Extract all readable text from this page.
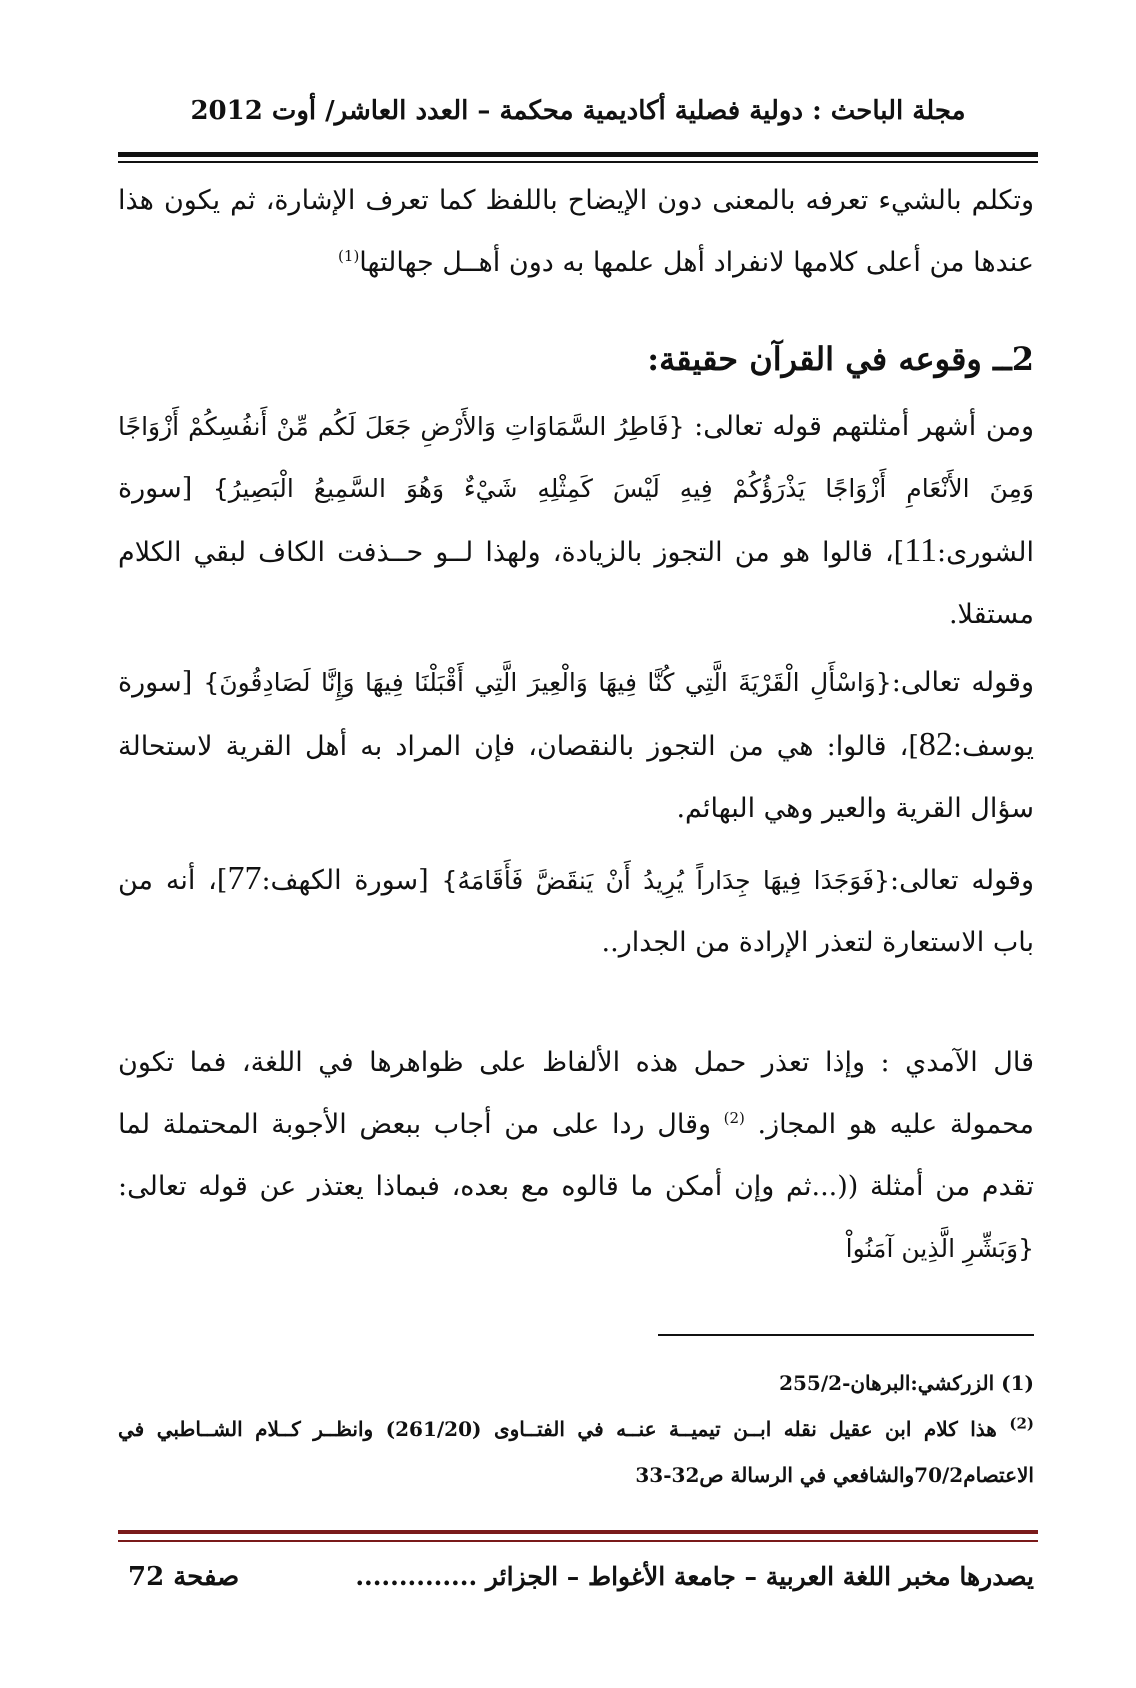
مجلة الباحث : دولية فصلية أكاديمية محكمة – العدد العاشر/ أوت 2012

وتكلم بالشيء تعرفه بالمعنى دون الإيضاح باللفظ كما تعرف الإشارة، ثم يكون هذا

عندها من أعلى كلامها لانفراد أهل علمها به دون أهــل جهالتها$^{(1)}$

2ــ وقوعه في القرآن حقيقة:

ومن أشهر أمثلتهم قوله تعالى: {فَاطِرُ السَّمَاوَاتِ وَالأَرْضِ جَعَلَ لَكُم مِّنْ أَنفُسِكُمْ أَزْوَاجًا وَمِنَ الأَنْعَامِ أَزْوَاجًا يَذْرَؤُكُمْ فِيهِ لَيْسَ كَمِثْلِهِ شَيْءٌ وَهُوَ السَّمِيعُ الْبَصِيرُ} [سورة الشورى:11]، قالوا هو من التجوز بالزيادة، ولهذا لــو حــذفت الكاف لبقي الكلام مستقلا.

وقوله تعالى:{وَاسْأَلِ الْقَرْيَةَ الَّتِي كُنَّا فِيهَا وَالْعِيرَ الَّتِي أَقْبَلْنَا فِيهَا وَإِنَّا لَصَادِقُونَ} [سورة يوسف:82]، قالوا: هي من التجوز بالنقصان، فإن المراد به أهل القرية لاستحالة سؤال القرية والعير وهي البهائم.

وقوله تعالى:{فَوَجَدَا فِيهَا جِدَاراً يُرِيدُ أَنْ يَنقَضَّ فَأَقَامَهُ} [سورة الكهف:77]، أنه من باب الاستعارة لتعذر الإرادة من الجدار..

قال الآمدي : وإذا تعذر حمل هذه الألفاظ على ظواهرها في اللغة، فما تكون محمولة عليه هو المجاز. $^{(2)}$ وقال ردا على من أجاب ببعض الأجوبة المحتملة لما تقدم من أمثلة ((...ثم وإن أمكن ما قالوه مع بعده، فبماذا يعتذر عن قوله تعالى:{وَبَشِّرِ الَّذِين آمَنُواْ

(1) الزركشي:البرهان-255/2

$^{(2)}$ هذا كلام ابن عقيل نقله ابــن تيميــة عنــه في الفتــاوى (261/20) وانظــر كــلام الشــاطبي في الاعتصام70/2والشافعي في الرسالة ص32-33

يصدرها مخبر اللغة العربية – جامعة الأغواط – الجزائر ..............
صفحة 72
